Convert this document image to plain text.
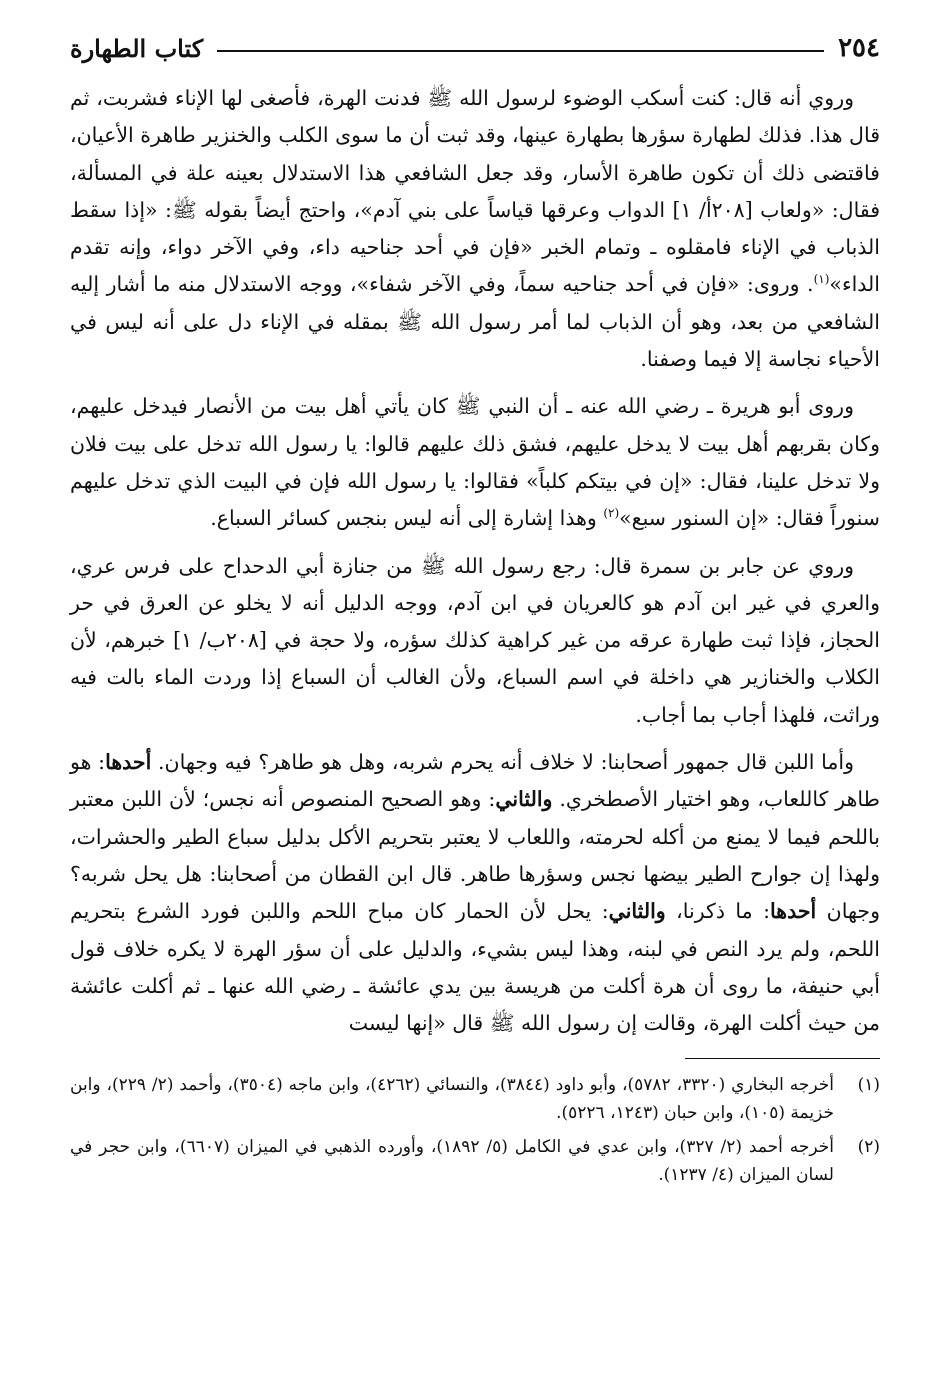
٢٥٤
كتاب الطهارة

وروي أنه قال: كنت أسكب الوضوء لرسول الله ﷺ فدنت الهرة، فأصغى لها الإناء فشربت، ثم قال هذا. فذلك لطهارة سؤرها بطهارة عينها، وقد ثبت أن ما سوى الكلب والخنزير طاهرة الأعيان، فاقتضى ذلك أن تكون طاهرة الأسار، وقد جعل الشافعي هذا الاستدلال بعينه علة في المسألة، فقال: «ولعاب [٢٠٨أ/ ١] الدواب وعرقها قياساً على بني آدم»، واحتج أيضاً بقوله ﷺ: «إذا سقط الذباب في الإناء فامقلوه ـ وتمام الخبر «فإن في أحد جناحيه داء، وفي الآخر دواء، وإنه تقدم الداء»$^{(١)}$. وروى: «فإن في أحد جناحيه سماً، وفي الآخر شفاء»، ووجه الاستدلال منه ما أشار إليه الشافعي من بعد، وهو أن الذباب لما أمر رسول الله ﷺ بمقله في الإناء دل على أنه ليس في الأحياء نجاسة إلا فيما وصفنا.

وروى أبو هريرة ـ رضي الله عنه ـ أن النبي ﷺ كان يأتي أهل بيت من الأنصار فيدخل عليهم، وكان بقربهم أهل بيت لا يدخل عليهم، فشق ذلك عليهم قالوا: يا رسول الله تدخل على بيت فلان ولا تدخل علينا، فقال: «إن في بيتكم كلباً» فقالوا: يا رسول الله فإن في البيت الذي تدخل عليهم سنوراً فقال: «إن السنور سبع»$^{(٢)}$ وهذا إشارة إلى أنه ليس بنجس كسائر السباع.

وروي عن جابر بن سمرة قال: رجع رسول الله ﷺ من جنازة أبي الدحداح على فرس عري، والعري في غير ابن آدم هو كالعريان في ابن آدم، ووجه الدليل أنه لا يخلو عن العرق في حر الحجاز، فإذا ثبت طهارة عرقه من غير كراهية كذلك سؤره، ولا حجة في [٢٠٨ب/ ١] خبرهم، لأن الكلاب والخنازير هي داخلة في اسم السباع، ولأن الغالب أن السباع إذا وردت الماء بالت فيه وراثت، فلهذا أجاب بما أجاب.

وأما اللبن قال جمهور أصحابنا: لا خلاف أنه يحرم شربه، وهل هو طاهر؟ فيه وجهان. أحدها: هو طاهر كاللعاب، وهو اختيار الأصطخري. والثاني: وهو الصحيح المنصوص أنه نجس؛ لأن اللبن معتبر باللحم فيما لا يمنع من أكله لحرمته، واللعاب لا يعتبر بتحريم الأكل بدليل سباع الطير والحشرات، ولهذا إن جوارح الطير بيضها نجس وسؤرها طاهر. قال ابن القطان من أصحابنا: هل يحل شربه؟ وجهان أحدها: ما ذكرنا، والثاني: يحل لأن الحمار كان مباح اللحم واللبن فورد الشرع بتحريم اللحم، ولم يرد النص في لبنه، وهذا ليس بشيء، والدليل على أن سؤر الهرة لا يكره خلاف قول أبي حنيفة، ما روى أن هرة أكلت من هريسة بين يدي عائشة ـ رضي الله عنها ـ ثم أكلت عائشة من حيث أكلت الهرة، وقالت إن رسول الله ﷺ قال «إنها ليست

(١)
أخرجه البخاري (٣٣٢٠، ٥٧٨٢)، وأبو داود (٣٨٤٤)، والنسائي (٤٢٦٢)، وابن ماجه (٣٥٠٤)، وأحمد (٢/ ٢٢٩)، وابن خزيمة (١٠٥)، وابن حبان (١٢٤٣، ٥٢٢٦).
(٢)
أخرجه أحمد (٢/ ٣٢٧)، وابن عدي في الكامل (٥/ ١٨٩٢)، وأورده الذهبي في الميزان (٦٦٠٧)، وابن حجر في لسان الميزان (٤/ ١٢٣٧).
